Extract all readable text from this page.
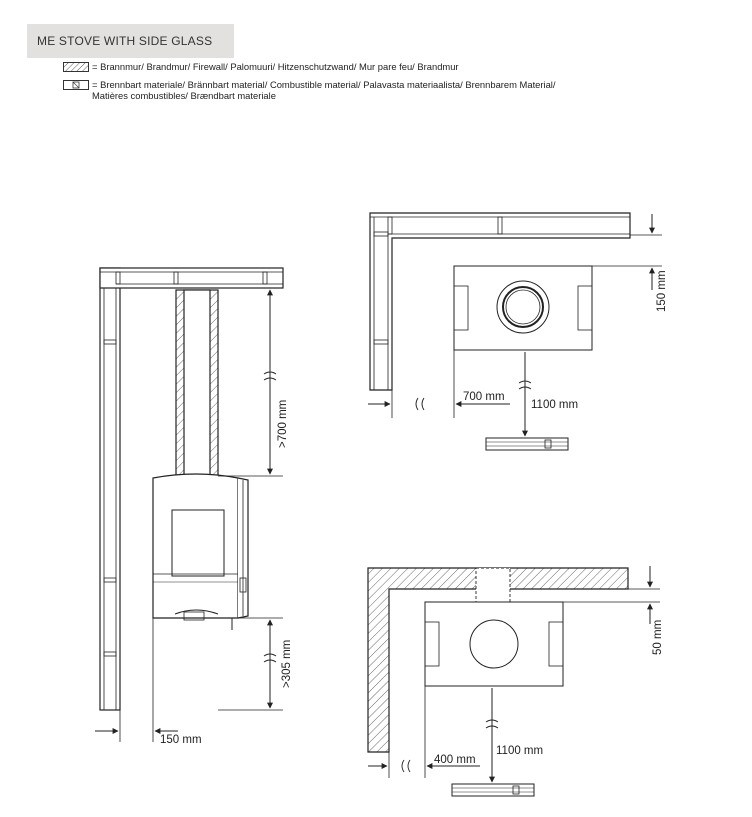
ME STOVE WITH SIDE GLASS
= Brannmur/ Brandmur/ Firewall/ Palomuuri/ Hitzenschutzwand/ Mur pare feu/ Brandmur
= Brennbart materiale/ Brännbart material/ Combustible material/ Palavasta materiaalista/ Brennbarem Material/
Matières combustibles/ Brændbart materiale
>700 mm
>305 mm
150 mm
150 mm
700 mm
1100 mm
50 mm
400 mm
1100 mm
